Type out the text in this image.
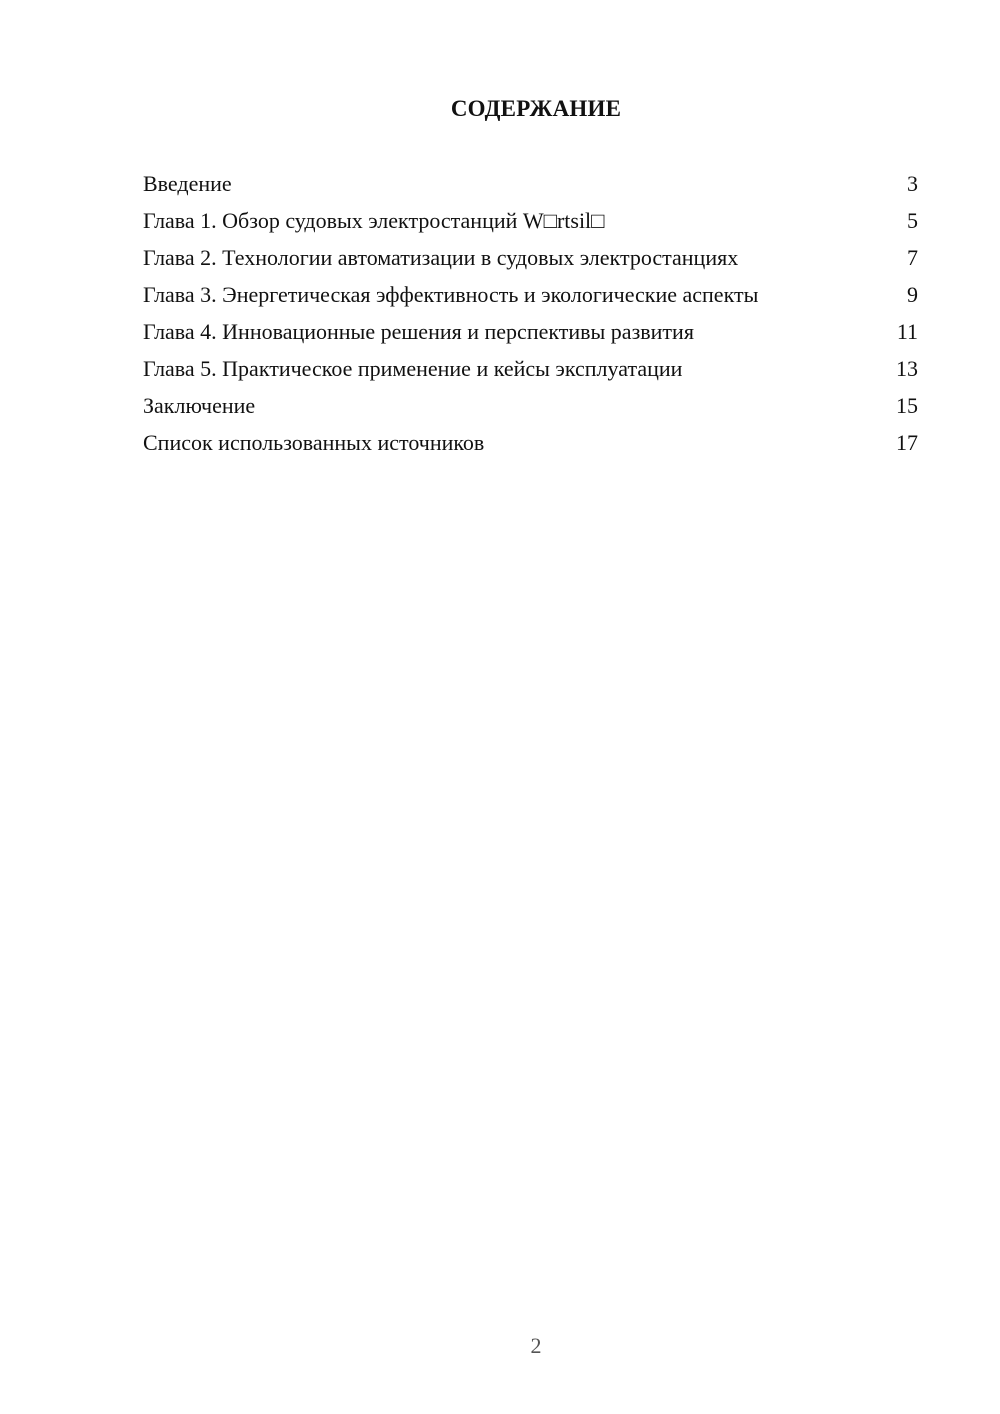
СОДЕРЖАНИЕ
Введение	3
Глава 1. Обзор судовых электростанций W□rtsil□	5
Глава 2. Технологии автоматизации в судовых электростанциях	7
Глава 3. Энергетическая эффективность и экологические аспекты	9
Глава 4. Инновационные решения и перспективы развития	11
Глава 5. Практическое применение и кейсы эксплуатации	13
Заключение	15
Список использованных источников	17
2
